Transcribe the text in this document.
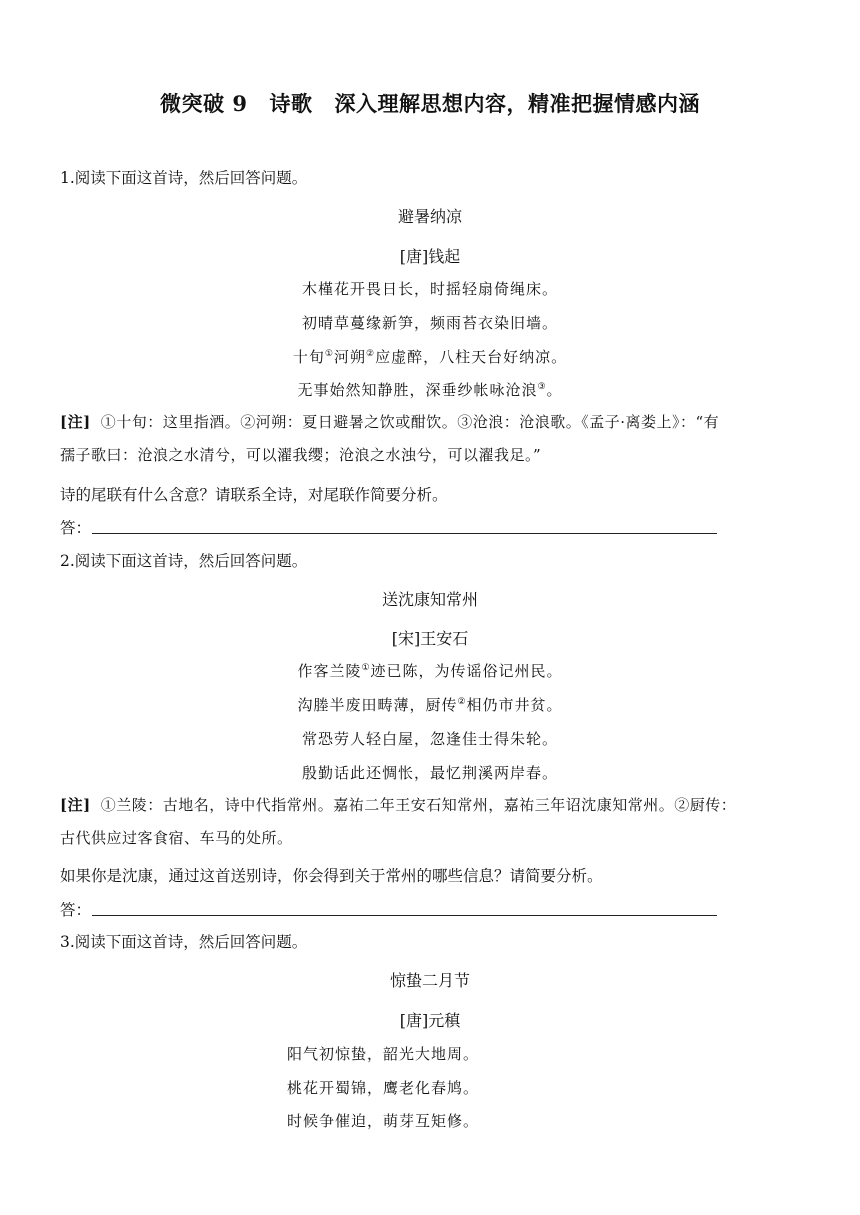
微突破 9 诗歌 深入理解思想内容，精准把握情感内涵
1.阅读下面这首诗，然后回答问题。
避暑纳凉
[唐]钱起
木槿花开畏日长，时摇轻扇倚绳床。
初晴草蔓缘新笋，频雨苔衣染旧墙。
十旬①河朔②应虚醉，八柱天台好纳凉。
无事始然知静胜，深垂纱帐咏沧浪③。
[注] ①十旬：这里指酒。②河朔：夏日避暑之饮或酣饮。③沧浪：沧浪歌。《孟子·离娄上》：“有
孺子歌曰：沧浪之水清兮，可以濯我缨；沧浪之水浊兮，可以濯我足。”
诗的尾联有什么含意？请联系全诗，对尾联作简要分析。
答：
2.阅读下面这首诗，然后回答问题。
送沈康知常州
[宋]王安石
作客兰陵①迹已陈，为传谣俗记州民。
沟塍半废田畴薄，厨传②相仍市井贫。
常恐劳人轻白屋，忽逢佳士得朱轮。
殷勤话此还惆怅，最忆荆溪两岸春。
[注] ①兰陵：古地名，诗中代指常州。嘉祐二年王安石知常州，嘉祐三年诏沈康知常州。②厨传：
古代供应过客食宿、车马的处所。
如果你是沈康，通过这首送别诗，你会得到关于常州的哪些信息？请简要分析。
答：
3.阅读下面这首诗，然后回答问题。
惊蛰二月节
[唐]元稹
阳气初惊蛰，韶光大地周。
桃花开蜀锦，鹰老化春鸠。
时候争催迫，萌芽互矩修。
